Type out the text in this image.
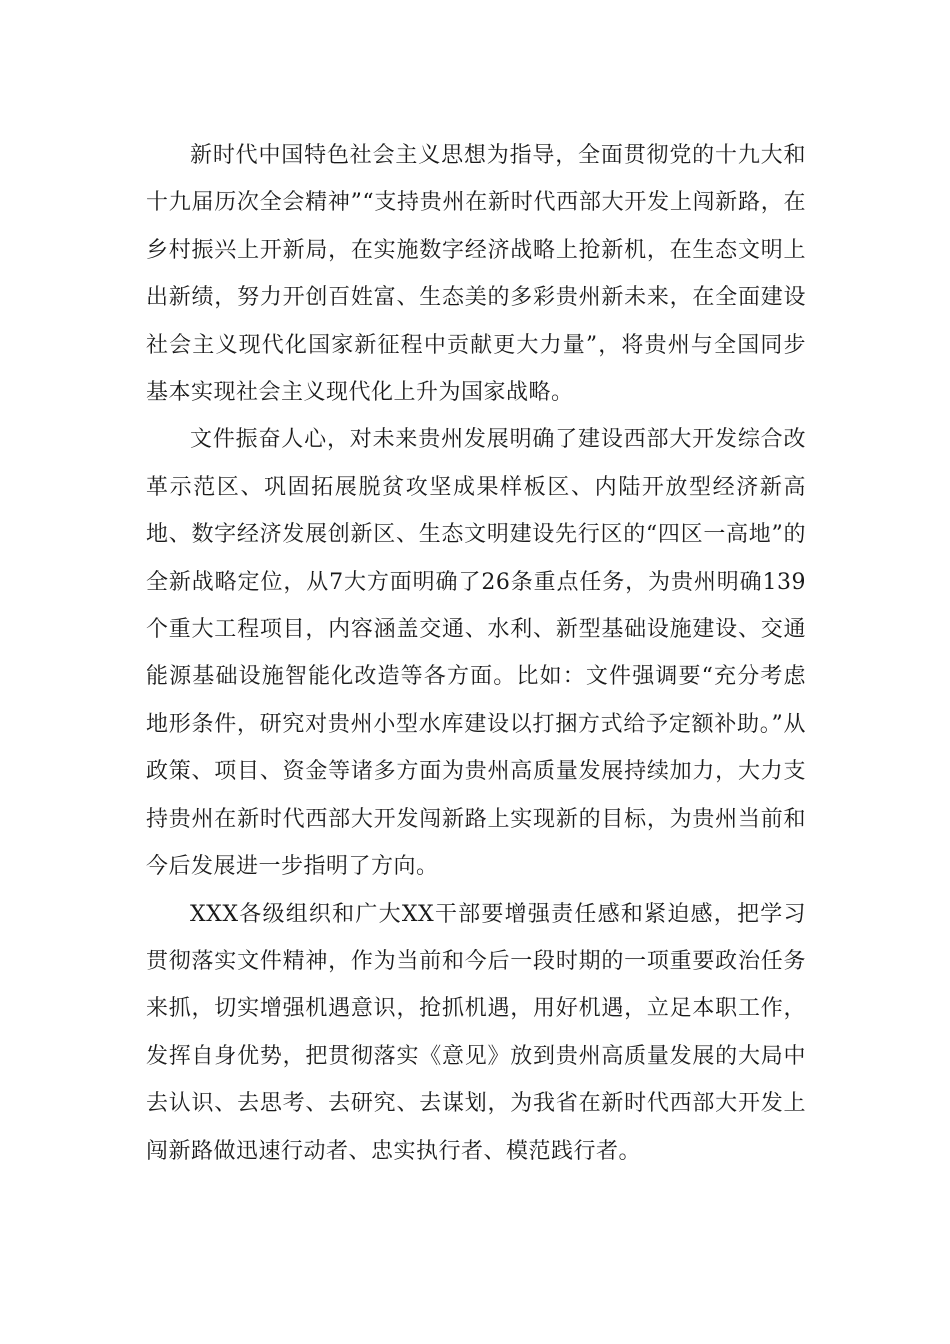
新时代中国特色社会主义思想为指导，全面贯彻党的十九大和十九届历次全会精神”“支持贵州在新时代西部大开发上闯新路，在乡村振兴上开新局，在实施数字经济战略上抢新机，在生态文明上出新绩，努力开创百姓富、生态美的多彩贵州新未来，在全面建设社会主义现代化国家新征程中贡献更大力量”，将贵州与全国同步基本实现社会主义现代化上升为国家战略。

文件振奋人心，对未来贵州发展明确了建设西部大开发综合改革示范区、巩固拓展脱贫攻坚成果样板区、内陆开放型经济新高地、数字经济发展创新区、生态文明建设先行区的“四区一高地”的全新战略定位，从7大方面明确了26条重点任务，为贵州明确139个重大工程项目，内容涵盖交通、水利、新型基础设施建设、交通能源基础设施智能化改造等各方面。比如：文件强调要“充分考虑地形条件，研究对贵州小型水库建设以打捆方式给予定额补助。”从政策、项目、资金等诸多方面为贵州高质量发展持续加力，大力支持贵州在新时代西部大开发闯新路上实现新的目标，为贵州当前和今后发展进一步指明了方向。

XXX各级组织和广大XX干部要增强责任感和紧迫感，把学习贯彻落实文件精神，作为当前和今后一段时期的一项重要政治任务来抓，切实增强机遇意识，抢抓机遇，用好机遇，立足本职工作，发挥自身优势，把贯彻落实《意见》放到贵州高质量发展的大局中去认识、去思考、去研究、去谋划，为我省在新时代西部大开发上闯新路做迅速行动者、忠实执行者、模范践行者。
